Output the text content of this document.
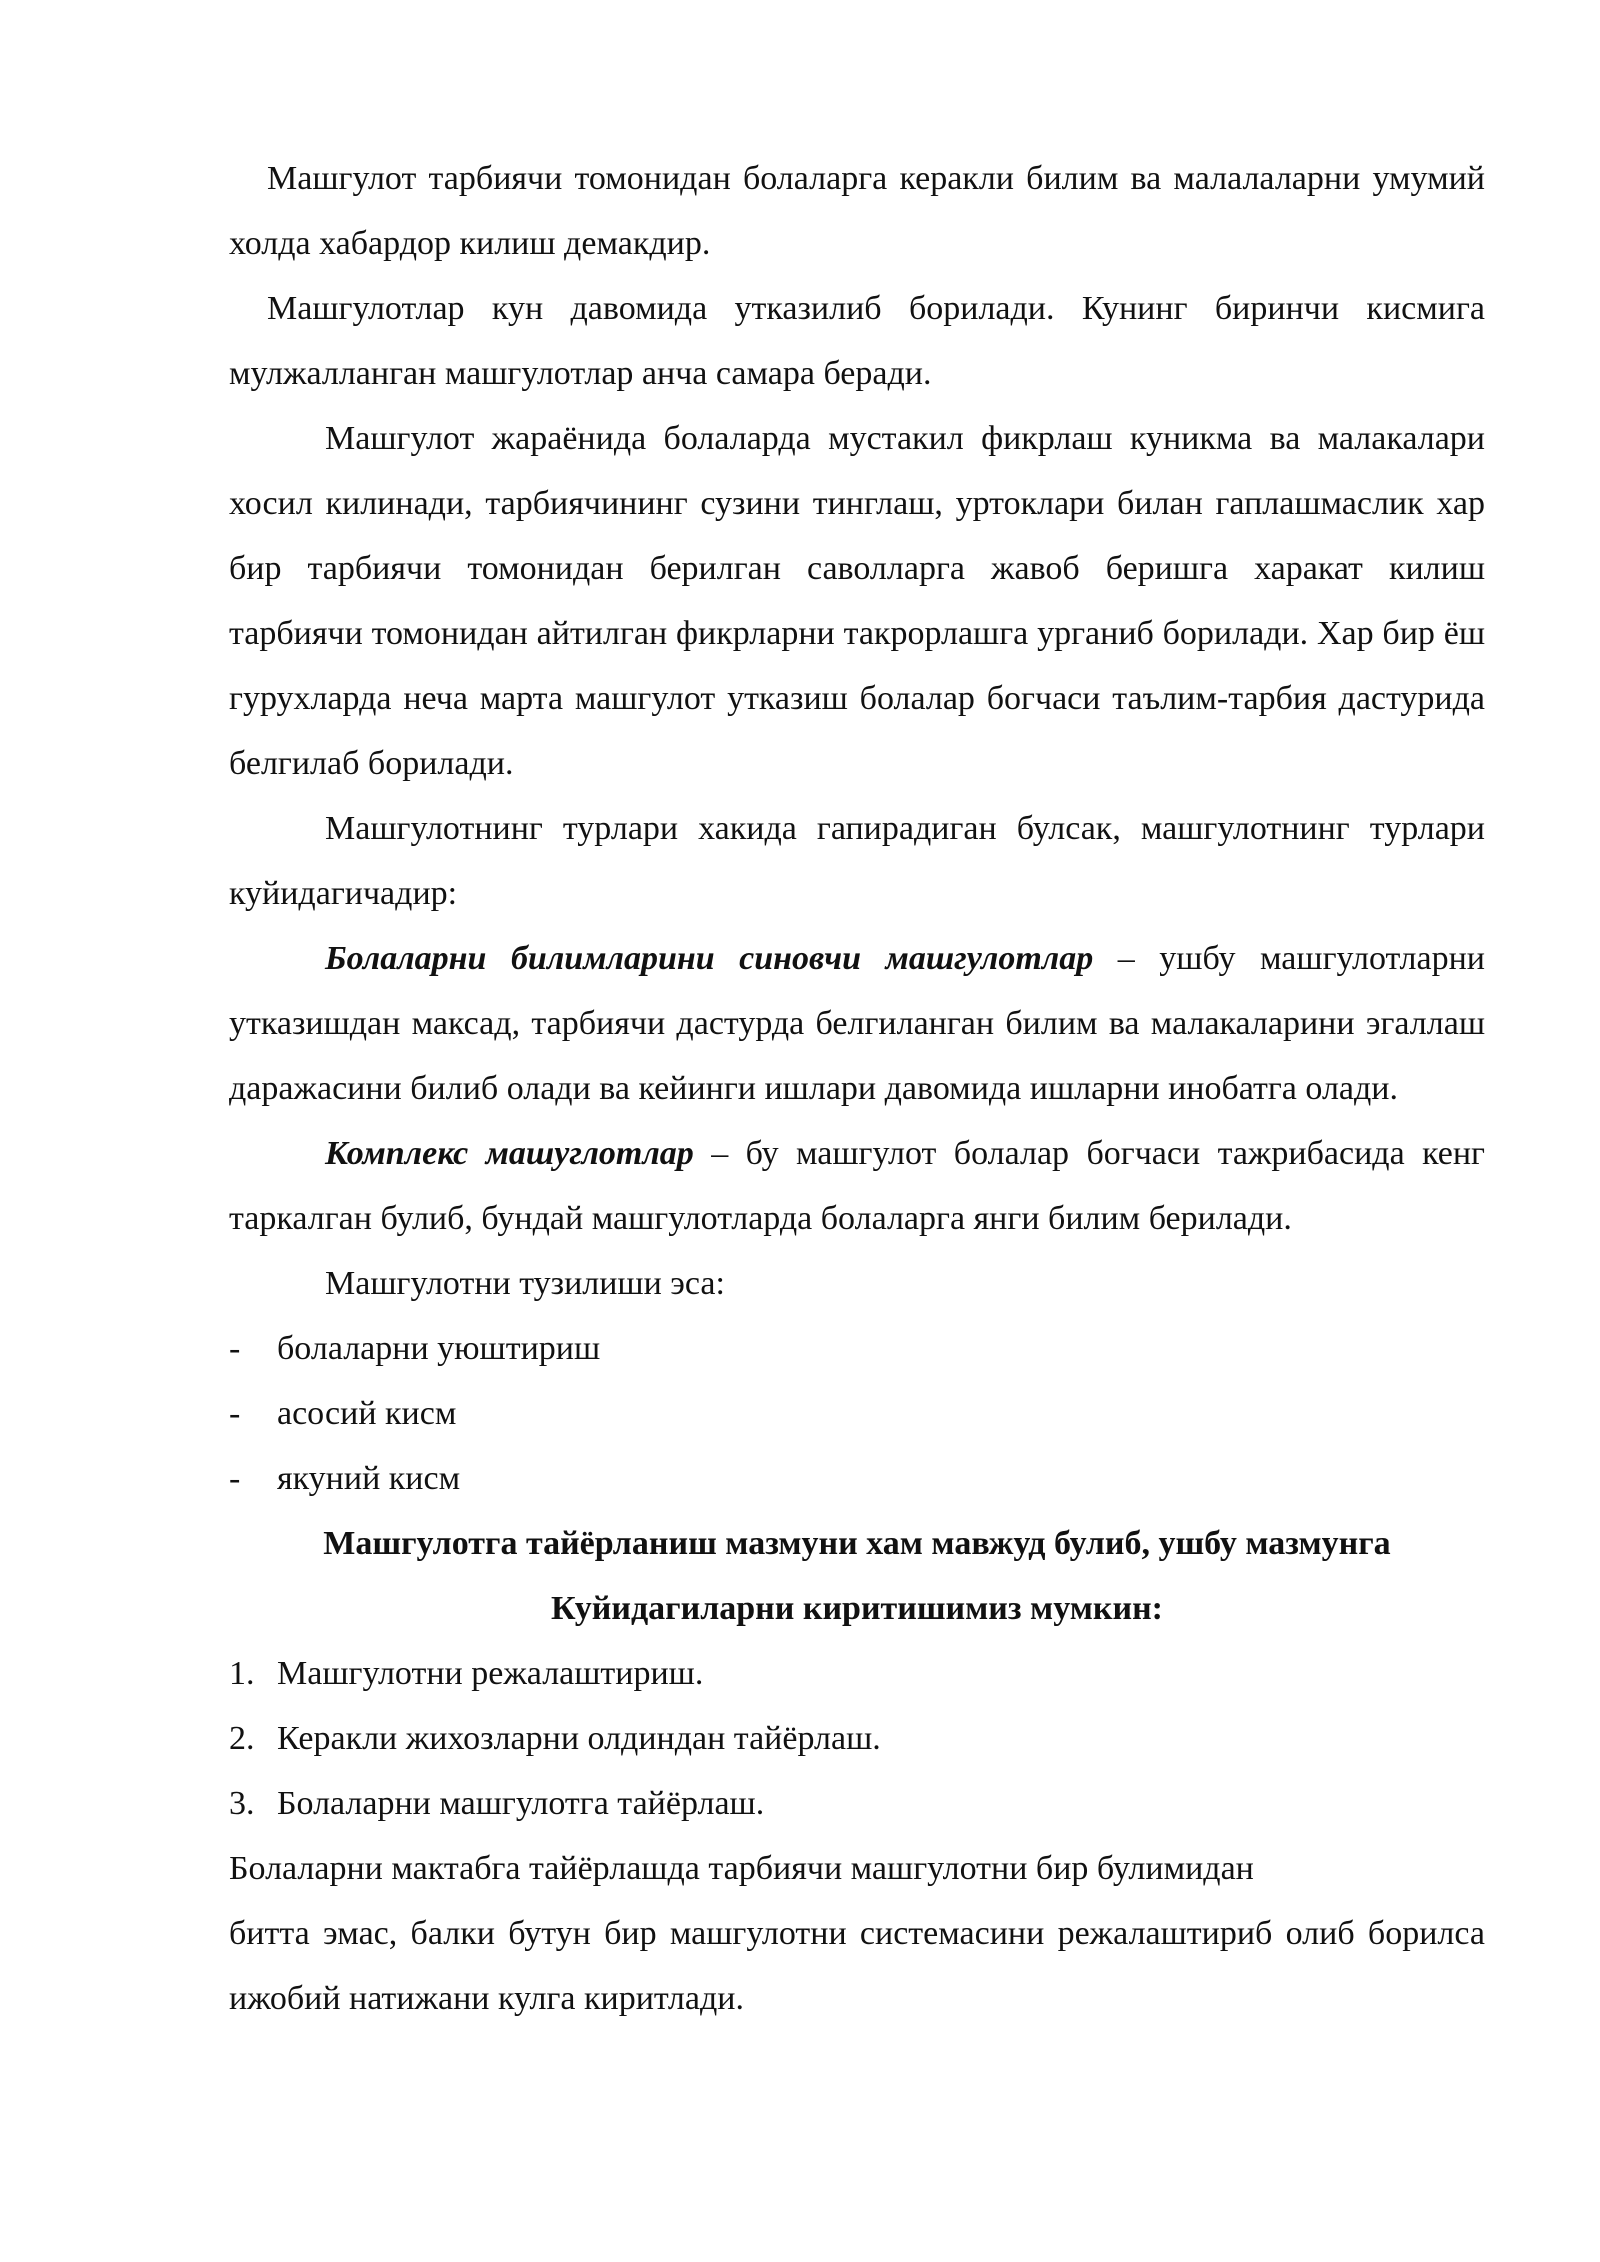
Машгулот тарбиячи томонидан болаларга керакли билим ва малалаларни умумий холда хабардор килиш демакдир.

Машгулотлар кун давомида утказилиб борилади. Кунинг биринчи кисмига мулжалланган машгулотлар анча самара беради.

Машгулот жараёнида болаларда мустакил фикрлаш куникма ва малакалари хосил килинади, тарбиячининг сузини тинглаш, уртоклари билан гаплашмаслик хар бир тарбиячи томонидан берилган саволларга жавоб беришга харакат килиш тарбиячи томонидан айтилган фикрларни такрорлашга урганиб борилади. Хар бир ёш гурухларда неча марта машгулот утказиш болалар богчаси таълим-тарбия дастурида белгилаб борилади.

Машгулотнинг турлари хакида гапирадиган булсак, машгулотнинг турлари куйидагичадир:

Болаларни билимларини синовчи машгулотлар – ушбу машгулотларни утказишдан максад, тарбиячи дастурда белгиланган билим ва малакаларини эгаллаш даражасини билиб олади ва кейинги ишлари давомида ишларни инобатга олади.

Комплекс машуглотлар – бу машгулот болалар богчаси тажрибасида кенг таркалган булиб, бундай машгулотларда болаларга янги билим берилади.

Машгулотни тузилиши эса:

-	болаларни уюштириш
-	асосий кисм
-	якуний кисм

Машгулотга тайёрланиш мазмуни хам мавжуд булиб, ушбу мазмунга

Куйидагиларни киритишимиз мумкин:

1. Машгулотни режалаштириш.
2. Керакли жихозларни олдиндан тайёрлаш.
3. Болаларни машгулотга тайёрлаш.

Болаларни мактабга тайёрлашда тарбиячи машгулотни бир булимидан

битта эмас, балки бутун бир машгулотни системасини режалаштириб олиб борилса ижобий натижани кулга киритлади.
